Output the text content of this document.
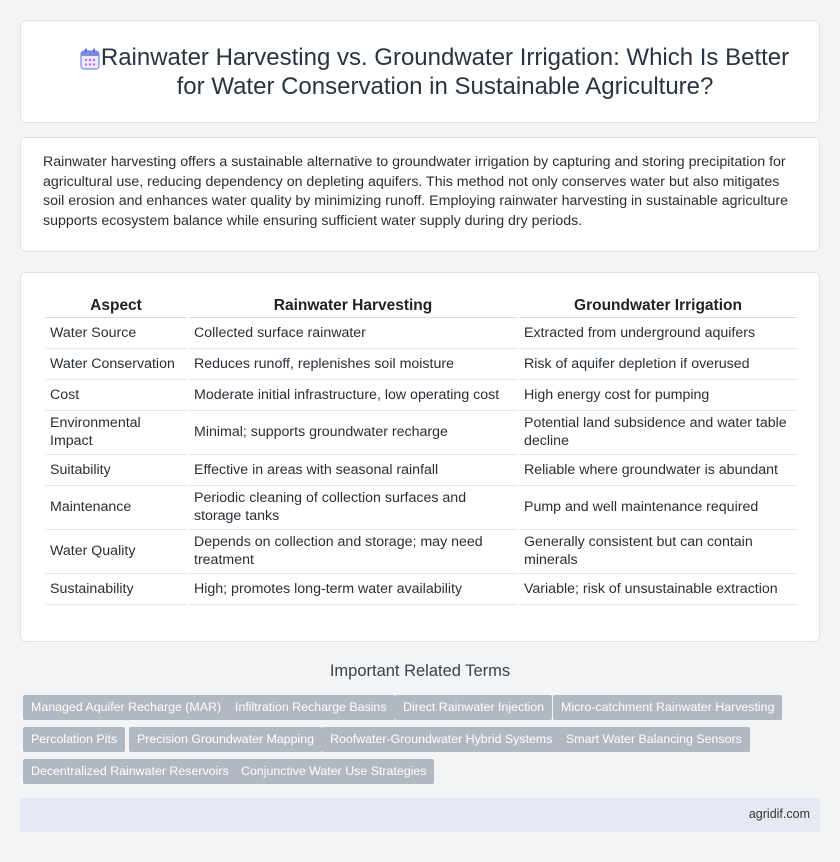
Rainwater Harvesting vs. Groundwater Irrigation: Which Is Better for Water Conservation in Sustainable Agriculture?

Rainwater harvesting offers a sustainable alternative to groundwater irrigation by capturing and storing precipitation for agricultural use, reducing dependency on depleting aquifers. This method not only conserves water but also mitigates soil erosion and enhances water quality by minimizing runoff. Employing rainwater harvesting in sustainable agriculture supports ecosystem balance while ensuring sufficient water supply during dry periods.

Aspect	Rainwater Harvesting	Groundwater Irrigation
Water Source	Collected surface rainwater	Extracted from underground aquifers
Water Conservation	Reduces runoff, replenishes soil moisture	Risk of aquifer depletion if overused
Cost	Moderate initial infrastructure, low operating cost	High energy cost for pumping
Environmental Impact	Minimal; supports groundwater recharge	Potential land subsidence and water table decline
Suitability	Effective in areas with seasonal rainfall	Reliable where groundwater is abundant
Maintenance	Periodic cleaning of collection surfaces and storage tanks	Pump and well maintenance required
Water Quality	Depends on collection and storage; may need treatment	Generally consistent but can contain minerals
Sustainability	High; promotes long-term water availability	Variable; risk of unsustainable extraction
Important Related Terms
Managed Aquifer Recharge (MAR)	Infiltration Recharge Basins	Direct Rainwater Injection	Micro-catchment Rainwater Harvesting
Percolation Pits	Precision Groundwater Mapping	Roofwater-Groundwater Hybrid Systems	Smart Water Balancing Sensors
Decentralized Rainwater Reservoirs Conjunctive Water Use Strategies
agridif.com
